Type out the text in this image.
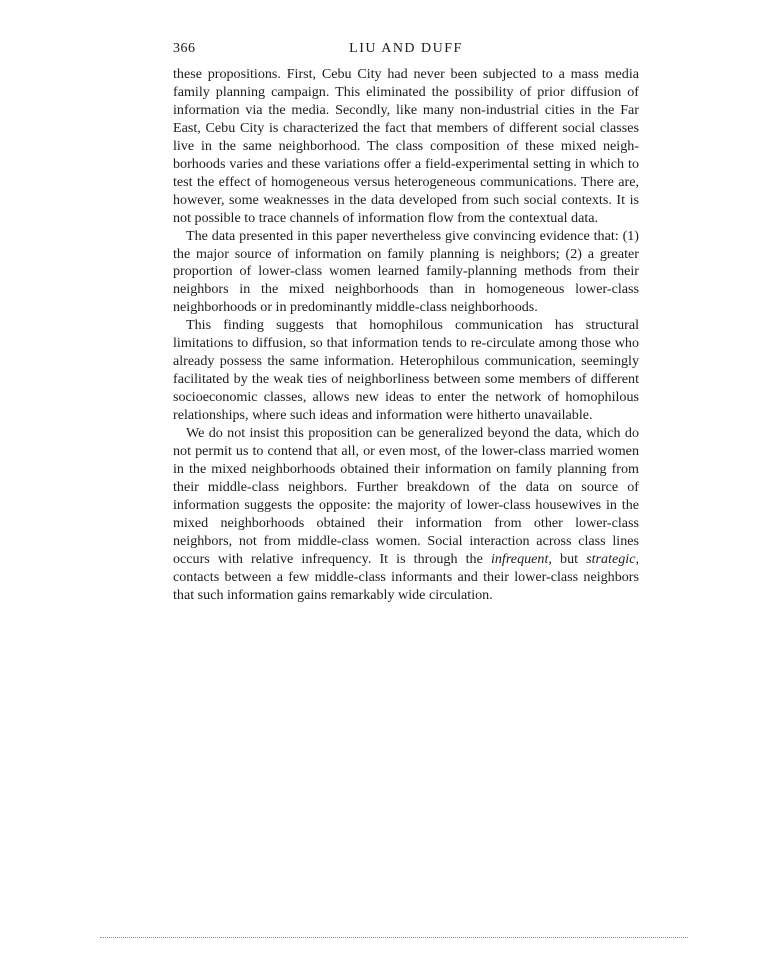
366	LIU AND DUFF

these propositions. First, Cebu City had never been subjected to a mass media family planning campaign. This eliminated the possibility of prior diffusion of information via the media. Secondly, like many non-industrial cities in the Far East, Cebu City is characterized the fact that members of different social classes live in the same neighborhood. The class composition of these mixed neighborhoods varies and these variations offer a field-experimental setting in which to test the effect of homogeneous versus heterogeneous communications. There are, however, some weaknesses in the data developed from such social contexts. It is not possible to trace channels of information flow from the contextual data.

The data presented in this paper nevertheless give convincing evidence that: (1) the major source of information on family planning is neighbors; (2) a greater proportion of lower-class women learned family-planning methods from their neighbors in the mixed neighborhoods than in homogeneous lower-class neighborhoods or in predominantly middle-class neighborhoods.

This finding suggests that homophilous communication has structural limitations to diffusion, so that information tends to re-circulate among those who already possess the same information. Heterophilous communication, seemingly facilitated by the weak ties of neighborliness between some members of different socioeconomic classes, allows new ideas to enter the network of homophilous relationships, where such ideas and information were hitherto unavailable.

We do not insist this proposition can be generalized beyond the data, which do not permit us to contend that all, or even most, of the lower-class married women in the mixed neighborhoods obtained their information on family planning from their middle-class neighbors. Further breakdown of the data on source of information suggests the opposite: the majority of lower-class housewives in the mixed neighborhoods obtained their information from other lower-class neighbors, not from middle-class women. Social interaction across class lines occurs with relative infrequency. It is through the infrequent, but strategic, contacts between a few middle-class informants and their lower-class neighbors that such information gains remarkably wide circulation.
